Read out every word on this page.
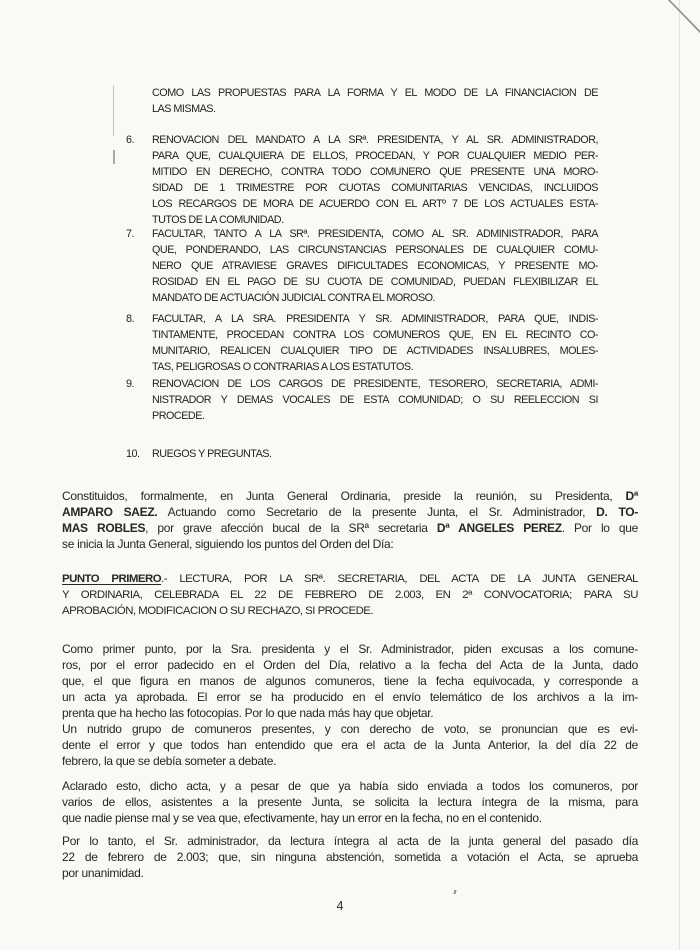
COMO LAS PROPUESTAS PARA LA FORMA Y EL MODO DE LA FINANCIACION DE
LAS MISMAS.
6. RENOVACION DEL MANDATO A LA SRª. PRESIDENTA, Y AL SR. ADMINISTRADOR,
PARA QUE, CUALQUIERA DE ELLOS, PROCEDAN, Y POR CUALQUIER MEDIO PER-
MITIDO EN DERECHO, CONTRA TODO COMUNERO QUE PRESENTE UNA MORO-
SIDAD DE 1 TRIMESTRE POR CUOTAS COMUNITARIAS VENCIDAS, INCLUIDOS
LOS RECARGOS DE MORA DE ACUERDO CON EL ARTº 7 DE LOS ACTUALES ESTA-
TUTOS DE LA COMUNIDAD.
7. FACULTAR, TANTO A LA SRª. PRESIDENTA, COMO AL SR. ADMINISTRADOR, PARA
QUE, PONDERANDO, LAS CIRCUNSTANCIAS PERSONALES DE CUALQUIER COMU-
NERO QUE ATRAVIESE GRAVES DIFICULTADES ECONOMICAS, Y PRESENTE MO-
ROSIDAD EN EL PAGO DE SU CUOTA DE COMUNIDAD, PUEDAN FLEXIBILIZAR EL
MANDATO DE ACTUACIÓN JUDICIAL CONTRA EL MOROSO.
8. FACULTAR, A LA SRA. PRESIDENTA Y SR. ADMINISTRADOR, PARA QUE, INDIS-
TINTAMENTE, PROCEDAN CONTRA LOS COMUNEROS QUE, EN EL RECINTO CO-
MUNITARIO, REALICEN CUALQUIER TIPO DE ACTIVIDADES INSALUBRES, MOLES-
TAS, PELIGROSAS O CONTRARIAS A LOS ESTATUTOS.
9. RENOVACION DE LOS CARGOS DE PRESIDENTE, TESORERO, SECRETARIA, ADMI-
NISTRADOR Y DEMAS VOCALES DE ESTA COMUNIDAD; O SU REELECCION SI
PROCEDE.
10. RUEGOS Y PREGUNTAS.
Constituidos, formalmente, en Junta General Ordinaria, preside la reunión, su Presidenta, Dª
AMPARO SAEZ. Actuando como Secretario de la presente Junta, el Sr. Administrador, D. TO-
MAS ROBLES, por grave afección bucal de la SRª secretaria Dª ANGELES PEREZ. Por lo que
se inicia la Junta General, siguiendo los puntos del Orden del Día:
PUNTO PRIMERO.- LECTURA, POR LA SRª. SECRETARIA, DEL ACTA DE LA JUNTA GENERAL
Y ORDINARIA, CELEBRADA EL 22 DE FEBRERO DE 2.003, EN 2ª CONVOCATORIA; PARA SU
APROBACIÓN, MODIFICACION O SU RECHAZO, SI PROCEDE.
Como primer punto, por la Sra. presidenta y el Sr. Administrador, piden excusas a los comune-
ros, por el error padecido en el Orden del Día, relativo a la fecha del Acta de la Junta, dado
que, el que figura en manos de algunos comuneros, tiene la fecha equivocada, y corresponde a
un acta ya aprobada. El error se ha producido en el envío telemático de los archivos a la im-
prenta que ha hecho las fotocopias. Por lo que nada más hay que objetar.
Un nutrido grupo de comuneros presentes, y con derecho de voto, se pronuncian que es evi-
dente el error y que todos han entendido que era el acta de la Junta Anterior, la del día 22 de
febrero, la que se debía someter a debate.
Aclarado esto, dicho acta, y a pesar de que ya había sido enviada a todos los comuneros, por
varios de ellos, asistentes a la presente Junta, se solicita la lectura íntegra de la misma, para
que nadie piense mal y se vea que, efectivamente, hay un error en la fecha, no en el contenido.
Por lo tanto, el Sr. administrador, da lectura íntegra al acta de la junta general del pasado día
22 de febrero de 2.003; que, sin ninguna abstención, sometida a votación el Acta, se aprueba
por unanimidad.
4
